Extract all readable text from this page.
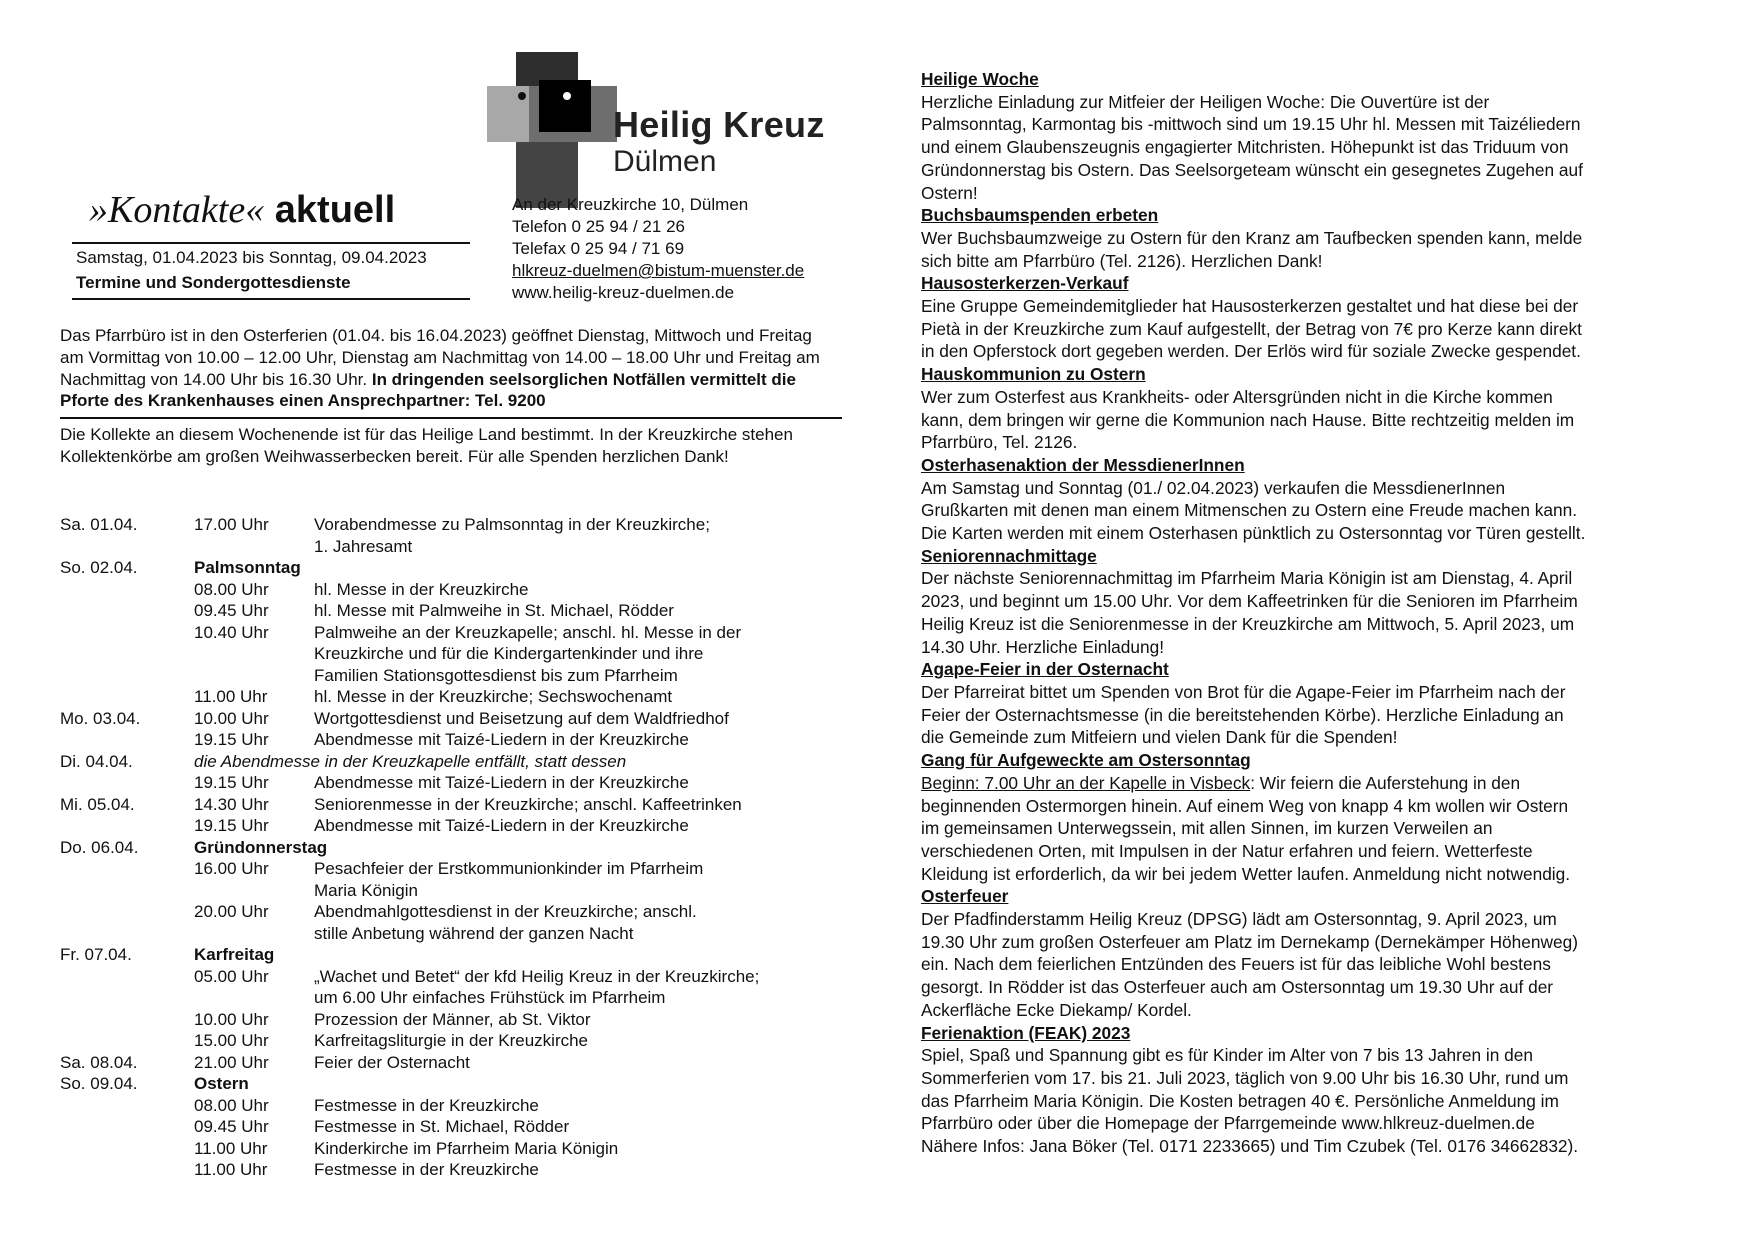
Heilig Kreuz
Dülmen
»Kontakte« aktuell
Samstag, 01.04.2023 bis Sonntag, 09.04.2023
Termine und Sondergottesdienste
An der Kreuzkirche 10, Dülmen
Telefon 0 25 94 / 21 26
Telefax 0 25 94 / 71 69
hlkreuz-duelmen@bistum-muenster.de
www.heilig-kreuz-duelmen.de
Das Pfarrbüro ist in den Osterferien (01.04. bis 16.04.2023) geöffnet Dienstag, Mittwoch und Freitag am Vormittag von 10.00 – 12.00 Uhr, Dienstag am Nachmittag von 14.00 – 18.00 Uhr und Freitag am Nachmittag von 14.00 Uhr bis 16.30 Uhr. In dringenden seelsorglichen Notfällen vermittelt die Pforte des Krankenhauses einen Ansprechpartner: Tel. 9200
Die Kollekte an diesem Wochenende ist für das Heilige Land bestimmt. In der Kreuzkirche stehen Kollektenkörbe am großen Weihwasserbecken bereit. Für alle Spenden herzlichen Dank!
Sa. 01.04.	17.00 Uhr	Vorabendmesse zu Palmsonntag in der Kreuzkirche;
1. Jahresamt
So. 02.04.	Palmsonntag
08.00 Uhr	hl. Messe in der Kreuzkirche
09.45 Uhr	hl. Messe mit Palmweihe in St. Michael, Rödder
10.40 Uhr	Palmweihe an der Kreuzkapelle; anschl. hl. Messe in der
Kreuzkirche und für die Kindergartenkinder und ihre
Familien Stationsgottesdienst bis zum Pfarrheim
11.00 Uhr	hl. Messe in der Kreuzkirche; Sechswochenamt
Mo. 03.04.	10.00 Uhr	Wortgottesdienst und Beisetzung auf dem Waldfriedhof
19.15 Uhr	Abendmesse mit Taizé-Liedern in der Kreuzkirche
Di. 04.04.	die Abendmesse in der Kreuzkapelle entfällt, statt dessen
19.15 Uhr	Abendmesse mit Taizé-Liedern in der Kreuzkirche
Mi. 05.04.	14.30 Uhr	Seniorenmesse in der Kreuzkirche; anschl. Kaffeetrinken
19.15 Uhr	Abendmesse mit Taizé-Liedern in der Kreuzkirche
Do. 06.04.	Gründonnerstag
16.00 Uhr	Pesachfeier der Erstkommunionkinder im Pfarrheim
Maria Königin
20.00 Uhr	Abendmahlgottesdienst in der Kreuzkirche; anschl.
stille Anbetung während der ganzen Nacht
Fr. 07.04.	Karfreitag
05.00 Uhr	„Wachet und Betet“ der kfd Heilig Kreuz in der Kreuzkirche;
um 6.00 Uhr einfaches Frühstück im Pfarrheim
10.00 Uhr	Prozession der Männer, ab St. Viktor
15.00 Uhr	Karfreitagsliturgie in der Kreuzkirche
Sa. 08.04.	21.00 Uhr	Feier der Osternacht
So. 09.04.	Ostern
08.00 Uhr	Festmesse in der Kreuzkirche
09.45 Uhr	Festmesse in St. Michael, Rödder
11.00 Uhr	Kinderkirche im Pfarrheim Maria Königin
11.00 Uhr	Festmesse in der Kreuzkirche
Heilige Woche
Herzliche Einladung zur Mitfeier der Heiligen Woche: Die Ouvertüre ist der
Palmsonntag, Karmontag bis -mittwoch sind um 19.15 Uhr hl. Messen mit Taizéliedern
und einem Glaubenszeugnis engagierter Mitchristen. Höhepunkt ist das Triduum von
Gründonnerstag bis Ostern. Das Seelsorgeteam wünscht ein gesegnetes Zugehen auf
Ostern!
Buchsbaumspenden erbeten
Wer Buchsbaumzweige zu Ostern für den Kranz am Taufbecken spenden kann, melde
sich bitte am Pfarrbüro (Tel. 2126). Herzlichen Dank!
Hausosterkerzen-Verkauf
Eine Gruppe Gemeindemitglieder hat Hausosterkerzen gestaltet und hat diese bei der
Pietà in der Kreuzkirche zum Kauf aufgestellt, der Betrag von 7€ pro Kerze kann direkt
in den Opferstock dort gegeben werden. Der Erlös wird für soziale Zwecke gespendet.
Hauskommunion zu Ostern
Wer zum Osterfest aus Krankheits- oder Altersgründen nicht in die Kirche kommen
kann, dem bringen wir gerne die Kommunion nach Hause. Bitte rechtzeitig melden im
Pfarrbüro, Tel. 2126.
Osterhasenaktion der MessdienerInnen
Am Samstag und Sonntag (01./ 02.04.2023) verkaufen die MessdienerInnen
Grußkarten mit denen man einem Mitmenschen zu Ostern eine Freude machen kann.
Die Karten werden mit einem Osterhasen pünktlich zu Ostersonntag vor Türen gestellt.
Seniorennachmittage
Der nächste Seniorennachmittag im Pfarrheim Maria Königin ist am Dienstag, 4. April
2023, und beginnt um 15.00 Uhr. Vor dem Kaffeetrinken für die Senioren im Pfarrheim
Heilig Kreuz ist die Seniorenmesse in der Kreuzkirche am Mittwoch, 5. April 2023, um
14.30 Uhr. Herzliche Einladung!
Agape-Feier in der Osternacht
Der Pfarreirat bittet um Spenden von Brot für die Agape-Feier im Pfarrheim nach der
Feier der Osternachtsmesse (in die bereitstehenden Körbe). Herzliche Einladung an
die Gemeinde zum Mitfeiern und vielen Dank für die Spenden!
Gang für Aufgeweckte am Ostersonntag
Beginn: 7.00 Uhr an der Kapelle in Visbeck: Wir feiern die Auferstehung in den
beginnenden Ostermorgen hinein. Auf einem Weg von knapp 4 km wollen wir Ostern
im gemeinsamen Unterwegssein, mit allen Sinnen, im kurzen Verweilen an
verschiedenen Orten, mit Impulsen in der Natur erfahren und feiern. Wetterfeste
Kleidung ist erforderlich, da wir bei jedem Wetter laufen. Anmeldung nicht notwendig.
Osterfeuer
Der Pfadfinderstamm Heilig Kreuz (DPSG) lädt am Ostersonntag, 9. April 2023, um
19.30 Uhr zum großen Osterfeuer am Platz im Dernekamp (Dernekämper Höhenweg)
ein. Nach dem feierlichen Entzünden des Feuers ist für das leibliche Wohl bestens
gesorgt. In Rödder ist das Osterfeuer auch am Ostersonntag um 19.30 Uhr auf der
Ackerfläche Ecke Diekamp/ Kordel.
Ferienaktion (FEAK) 2023
Spiel, Spaß und Spannung gibt es für Kinder im Alter von 7 bis 13 Jahren in den
Sommerferien vom 17. bis 21. Juli 2023, täglich von 9.00 Uhr bis 16.30 Uhr, rund um
das Pfarrheim Maria Königin. Die Kosten betragen 40 €. Persönliche Anmeldung im
Pfarrbüro oder über die Homepage der Pfarrgemeinde www.hlkreuz-duelmen.de
Nähere Infos: Jana Böker (Tel. 0171 2233665) und Tim Czubek (Tel. 0176 34662832).
